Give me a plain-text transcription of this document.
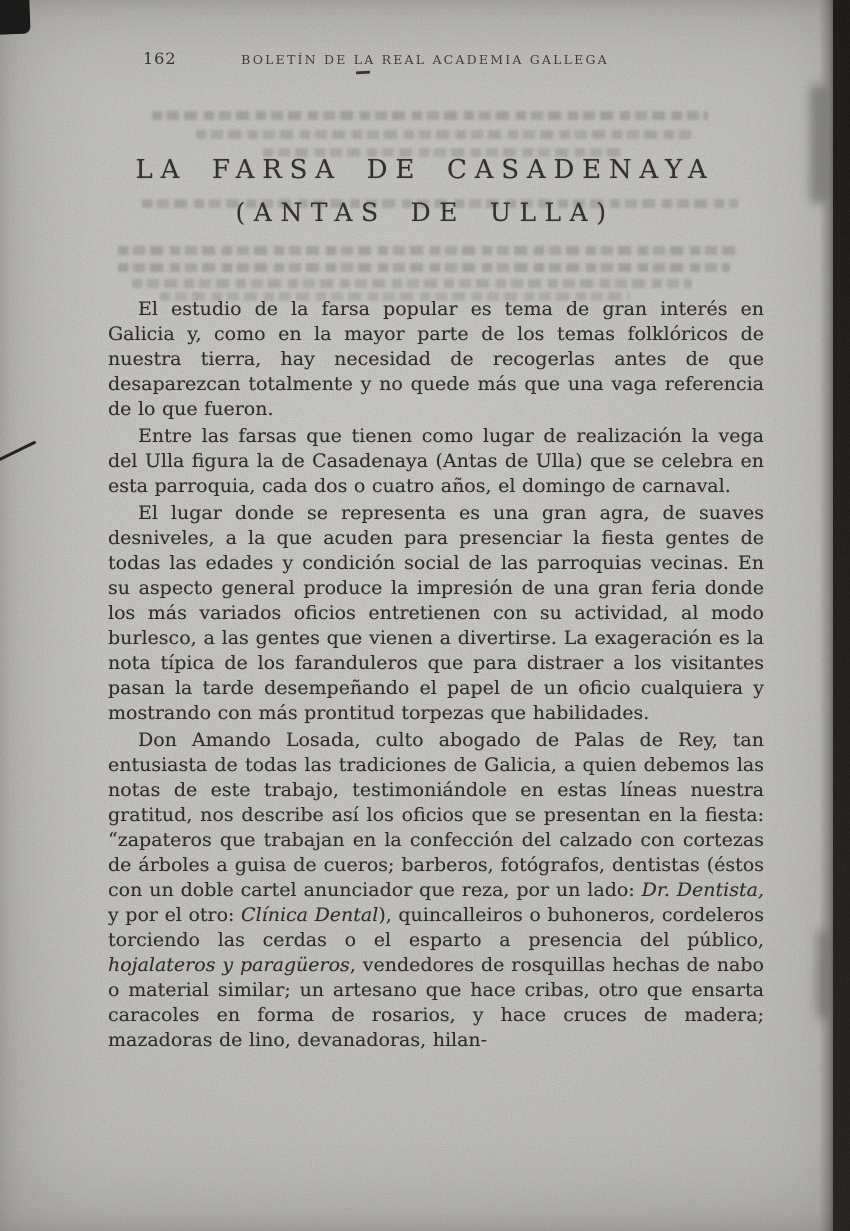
162	BOLETÍN DE LA REAL ACADEMIA GALLEGA
LA FARSA DE CASADENAYA
(ANTAS DE ULLA)

El estudio de la farsa popular es tema de gran interés en Galicia y, como en la mayor parte de los temas folklóricos de nuestra tierra, hay necesidad de recogerlas antes de que desaparezcan totalmente y no quede más que una vaga referencia de lo que fueron.

Entre las farsas que tienen como lugar de realización la vega del Ulla figura la de Casadenaya (Antas de Ulla) que se celebra en esta parroquia, cada dos o cuatro años, el domingo de carnaval.

El lugar donde se representa es una gran agra, de suaves desniveles, a la que acuden para presenciar la fiesta gentes de todas las edades y condición social de las parroquias vecinas. En su aspecto general produce la impresión de una gran feria donde los más variados oficios entretienen con su actividad, al modo burlesco, a las gentes que vienen a divertirse. La exageración es la nota típica de los faranduleros que para distraer a los visitantes pasan la tarde desempeñando el papel de un oficio cualquiera y mostrando con más prontitud torpezas que habilidades.

Don Amando Losada, culto abogado de Palas de Rey, tan entusiasta de todas las tradiciones de Galicia, a quien debemos las notas de este trabajo, testimoniándole en estas líneas nuestra gratitud, nos describe así los oficios que se presentan en la fiesta: “zapateros que trabajan en la confección del calzado con cortezas de árboles a guisa de cueros; barberos, fotógrafos, dentistas (éstos con un doble cartel anunciador que reza, por un lado: Dr. Dentista, y por el otro: Clínica Dental), quincalleiros o buhoneros, cordeleros torciendo las cerdas o el esparto a presencia del público, hojalateros y paragüeros, vendedores de rosquillas hechas de nabo o material similar; un artesano que hace cribas, otro que ensarta caracoles en forma de rosarios, y hace cruces de madera; mazadoras de lino, devanadoras, hilan-
